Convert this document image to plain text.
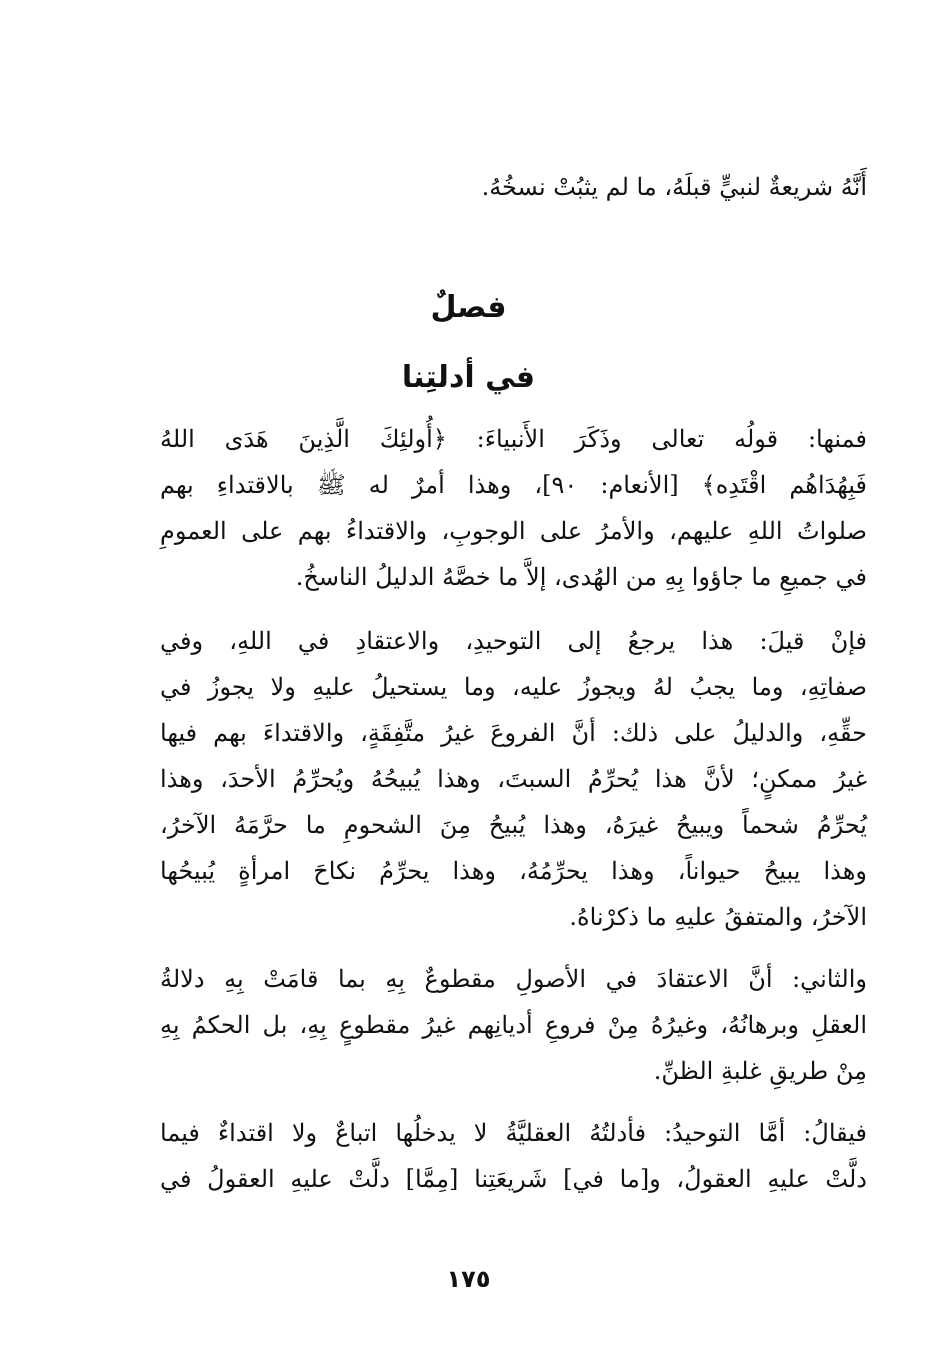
أَنَّهُ شريعةٌ لنبيٍّ قبلَهُ، ما لم يثبُتْ نسخُهُ.
فصلٌ
في أدلتِنا
فمنها: قولُه تعالى وذَكَرَ الأَنبياءَ: ﴿أُولئِكَ الَّذِينَ هَدَى اللهُ
فَبِهُدَاهُم اقْتَدِه﴾ [الأنعام: ٩٠]، وهذا أمرٌ له ﷺ بالاقتداءِ بهم
صلواتُ اللهِ عليهم، والأمرُ على الوجوبِ، والاقتداءُ بهم على العمومِ
في جميعِ ما جاؤوا بِهِ من الهُدى، إلاَّ ما خصَّهُ الدليلُ الناسخُ.
فإنْ قيلَ: هذا يرجعُ إلى التوحيدِ، والاعتقادِ في اللهِ، وفي
صفاتِهِ، وما يجبُ لهُ ويجوزُ عليه، وما يستحيلُ عليهِ ولا يجوزُ في
حقِّهِ، والدليلُ على ذلك: أنَّ الفروعَ غيرُ متَّفِقَةٍ، والاقتداءَ بهم فيها
غيرُ ممكنٍ؛ لأنَّ هذا يُحرِّمُ السبتَ، وهذا يُبيحُهُ ويُحرِّمُ الأحدَ، وهذا
يُحرِّمُ شحماً ويبيحُ غيرَهُ، وهذا يُبيحُ مِنَ الشحومِ ما حرَّمَهُ الآخرُ،
وهذا يبيحُ حيواناً، وهذا يحرِّمُهُ، وهذا يحرِّمُ نكاحَ امرأةٍ يُبيحُها
الآخرُ، والمتفقُ عليهِ ما ذكرْناهُ.
والثاني: أنَّ الاعتقادَ في الأصولِ مقطوعٌ بِهِ بما قامَتْ بِهِ دلالةُ
العقلِ وبرهانُهُ، وغيرُهُ مِنْ فروعِ أديانِهم غيرُ مقطوعٍ بِهِ، بل الحكمُ بِهِ
مِنْ طريقِ غلبةِ الظنِّ.
فيقالُ: أمَّا التوحيدُ: فأدلتُهُ العقليَّةُ لا يدخلُها اتباعٌ ولا اقتداءٌ فيما
دلَّتْ عليهِ العقولُ، و[ما في] شَريعَتِنا [مِمَّا] دلَّتْ عليهِ العقولُ في
١٧٥
